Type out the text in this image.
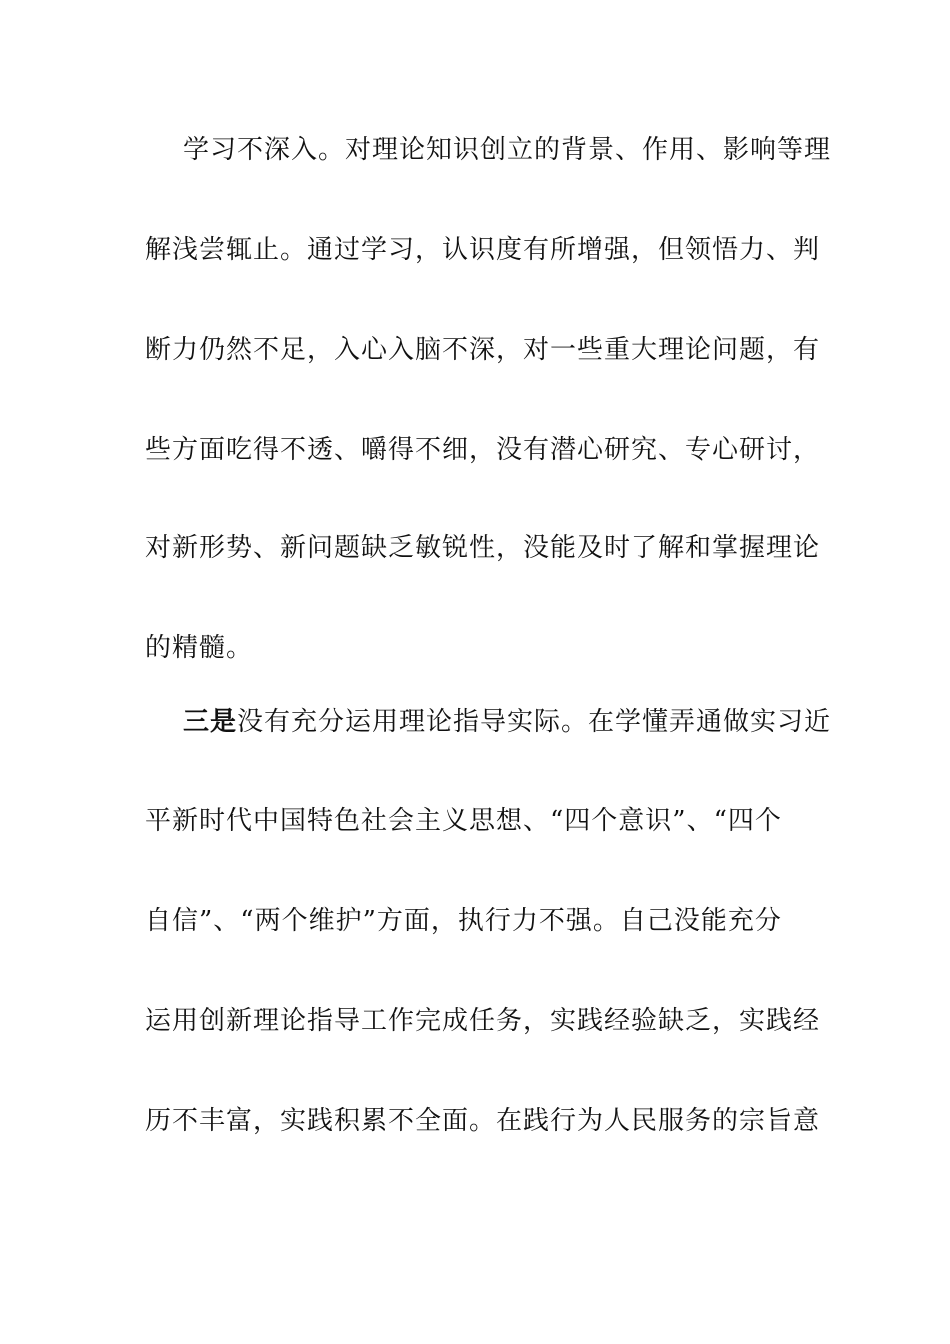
学习不深入。对理论知识创立的背景、作用、影响等理
解浅尝辄止。通过学习，认识度有所增强，但领悟力、判
断力仍然不足，入心入脑不深，对一些重大理论问题，有
些方面吃得不透、嚼得不细，没有潜心研究、专心研讨，
对新形势、新问题缺乏敏锐性，没能及时了解和掌握理论
的精髓。
三是没有充分运用理论指导实际。在学懂弄通做实习近
平新时代中国特色社会主义思想、“四个意识”、“四个
自信”、“两个维护”方面，执行力不强。自己没能充分
运用创新理论指导工作完成任务，实践经验缺乏，实践经
历不丰富，实践积累不全面。在践行为人民服务的宗旨意
